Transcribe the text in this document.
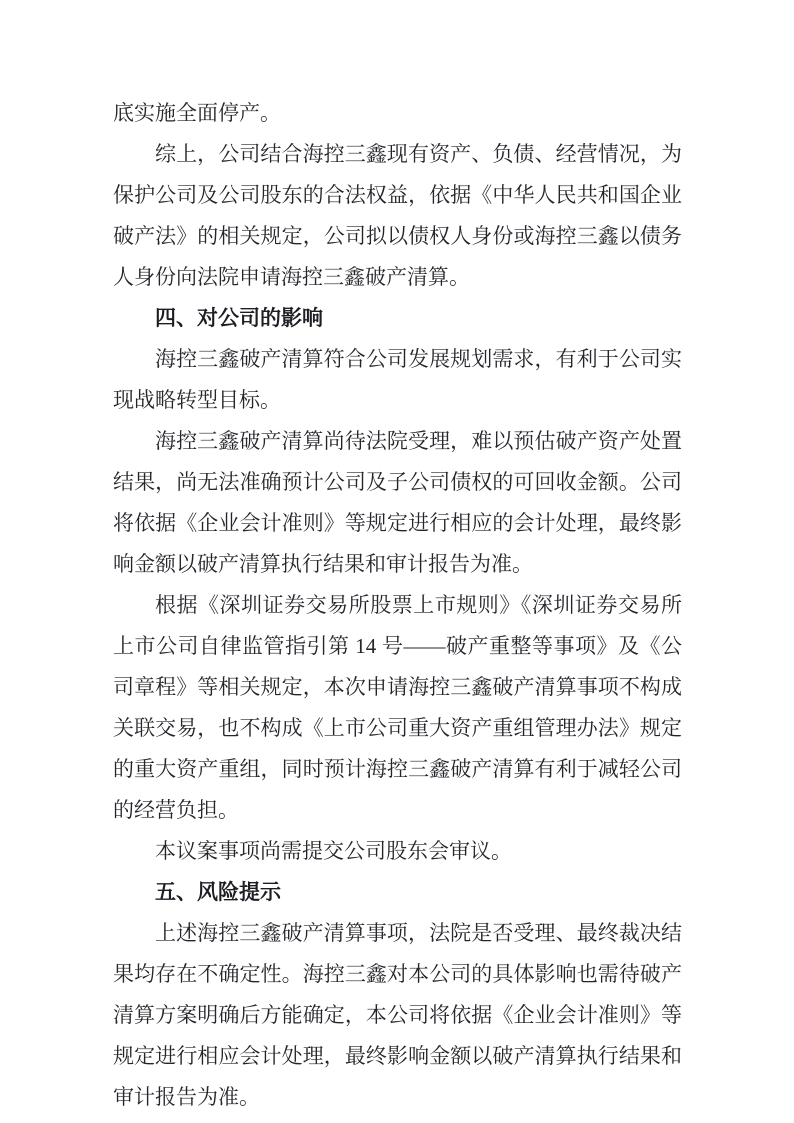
底实施全面停产。

综上，公司结合海控三鑫现有资产、负债、经营情况，为保护公司及公司股东的合法权益，依据《中华人民共和国企业破产法》的相关规定，公司拟以债权人身份或海控三鑫以债务人身份向法院申请海控三鑫破产清算。

四、对公司的影响

海控三鑫破产清算符合公司发展规划需求，有利于公司实现战略转型目标。

海控三鑫破产清算尚待法院受理，难以预估破产资产处置结果，尚无法准确预计公司及子公司债权的可回收金额。公司将依据《企业会计准则》等规定进行相应的会计处理，最终影响金额以破产清算执行结果和审计报告为准。

根据《深圳证券交易所股票上市规则》《深圳证券交易所上市公司自律监管指引第 14 号——破产重整等事项》及《公司章程》等相关规定，本次申请海控三鑫破产清算事项不构成关联交易，也不构成《上市公司重大资产重组管理办法》规定的重大资产重组，同时预计海控三鑫破产清算有利于减轻公司的经营负担。

本议案事项尚需提交公司股东会审议。

五、风险提示

上述海控三鑫破产清算事项，法院是否受理、最终裁决结果均存在不确定性。海控三鑫对本公司的具体影响也需待破产清算方案明确后方能确定，本公司将依据《企业会计准则》等规定进行相应会计处理，最终影响金额以破产清算执行结果和审计报告为准。
